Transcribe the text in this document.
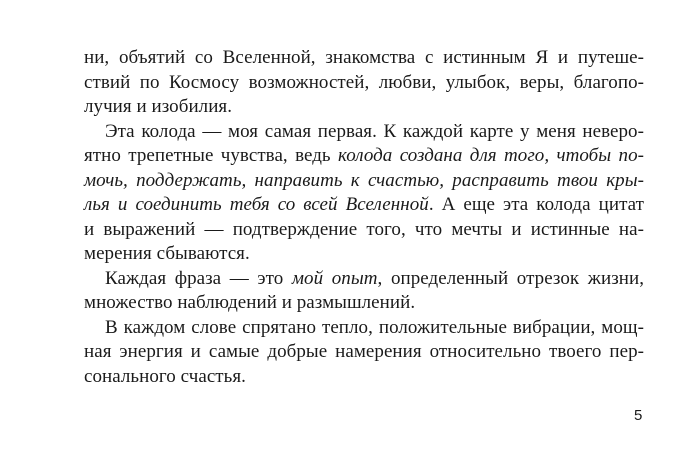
ни, объятий со Вселенной, знакомства с истинным Я и путеше-
ствий по Космосу возможностей, любви, улыбок, веры, благопо-
лучия и изобилия.
Эта колода — моя самая первая. К каждой карте у меня неверо-
ятно трепетные чувства, ведь колода создана для того, чтобы по-
мочь, поддержать, направить к счастью, расправить твои кры-
лья и соединить тебя со всей Вселенной. А еще эта колода цитат
и выражений — подтверждение того, что мечты и истинные на-
мерения сбываются.
Каждая фраза — это мой опыт, определенный отрезок жизни,
множество наблюдений и размышлений.
В каждом слове спрятано тепло, положительные вибрации, мощ-
ная энергия и самые добрые намерения относительно твоего пер-
сонального счастья.
5
